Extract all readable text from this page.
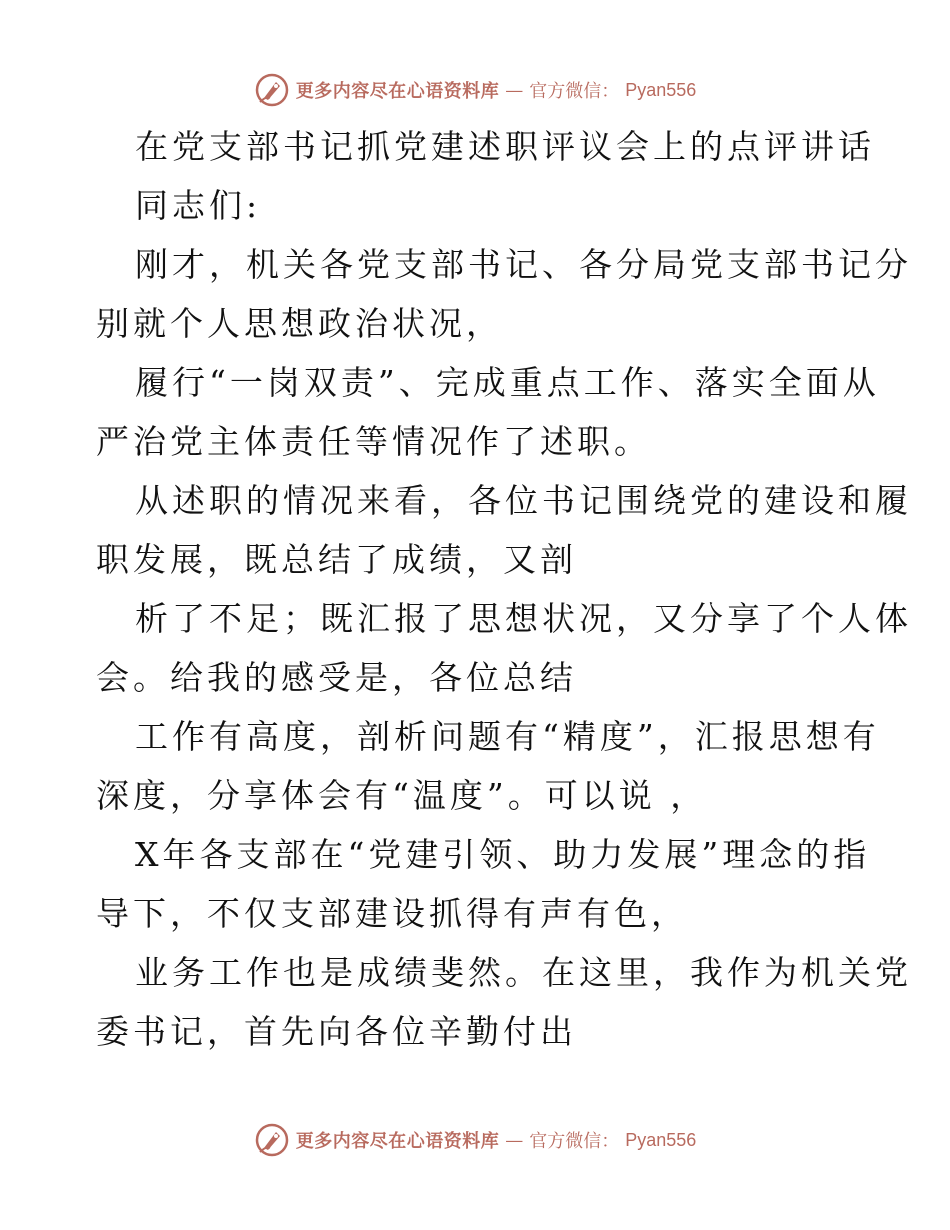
更多内容尽在心语资料库 — 官方微信： Pyan556
在党支部书记抓党建述职评议会上的点评讲话
同志们:
刚才，机关各党支部书记、各分局党支部书记分
别就个人思想政治状况，
履行“一岗双责”、完成重点工作、落实全面从
严治党主体责任等情况作了述职。
从述职的情况来看，各位书记围绕党的建设和履
职发展，既总结了成绩，又剖
析了不足；既汇报了思想状况，又分享了个人体
会。给我的感受是，各位总结
工作有高度，剖析问题有“精度”，汇报思想有
深度，分享体会有“温度”。可以说 ，
X年各支部在“党建引领、助力发展”理念的指
导下，不仅支部建设抓得有声有色，
业务工作也是成绩斐然。在这里，我作为机关党
委书记，首先向各位辛勤付出
更多内容尽在心语资料库 — 官方微信： Pyan556
